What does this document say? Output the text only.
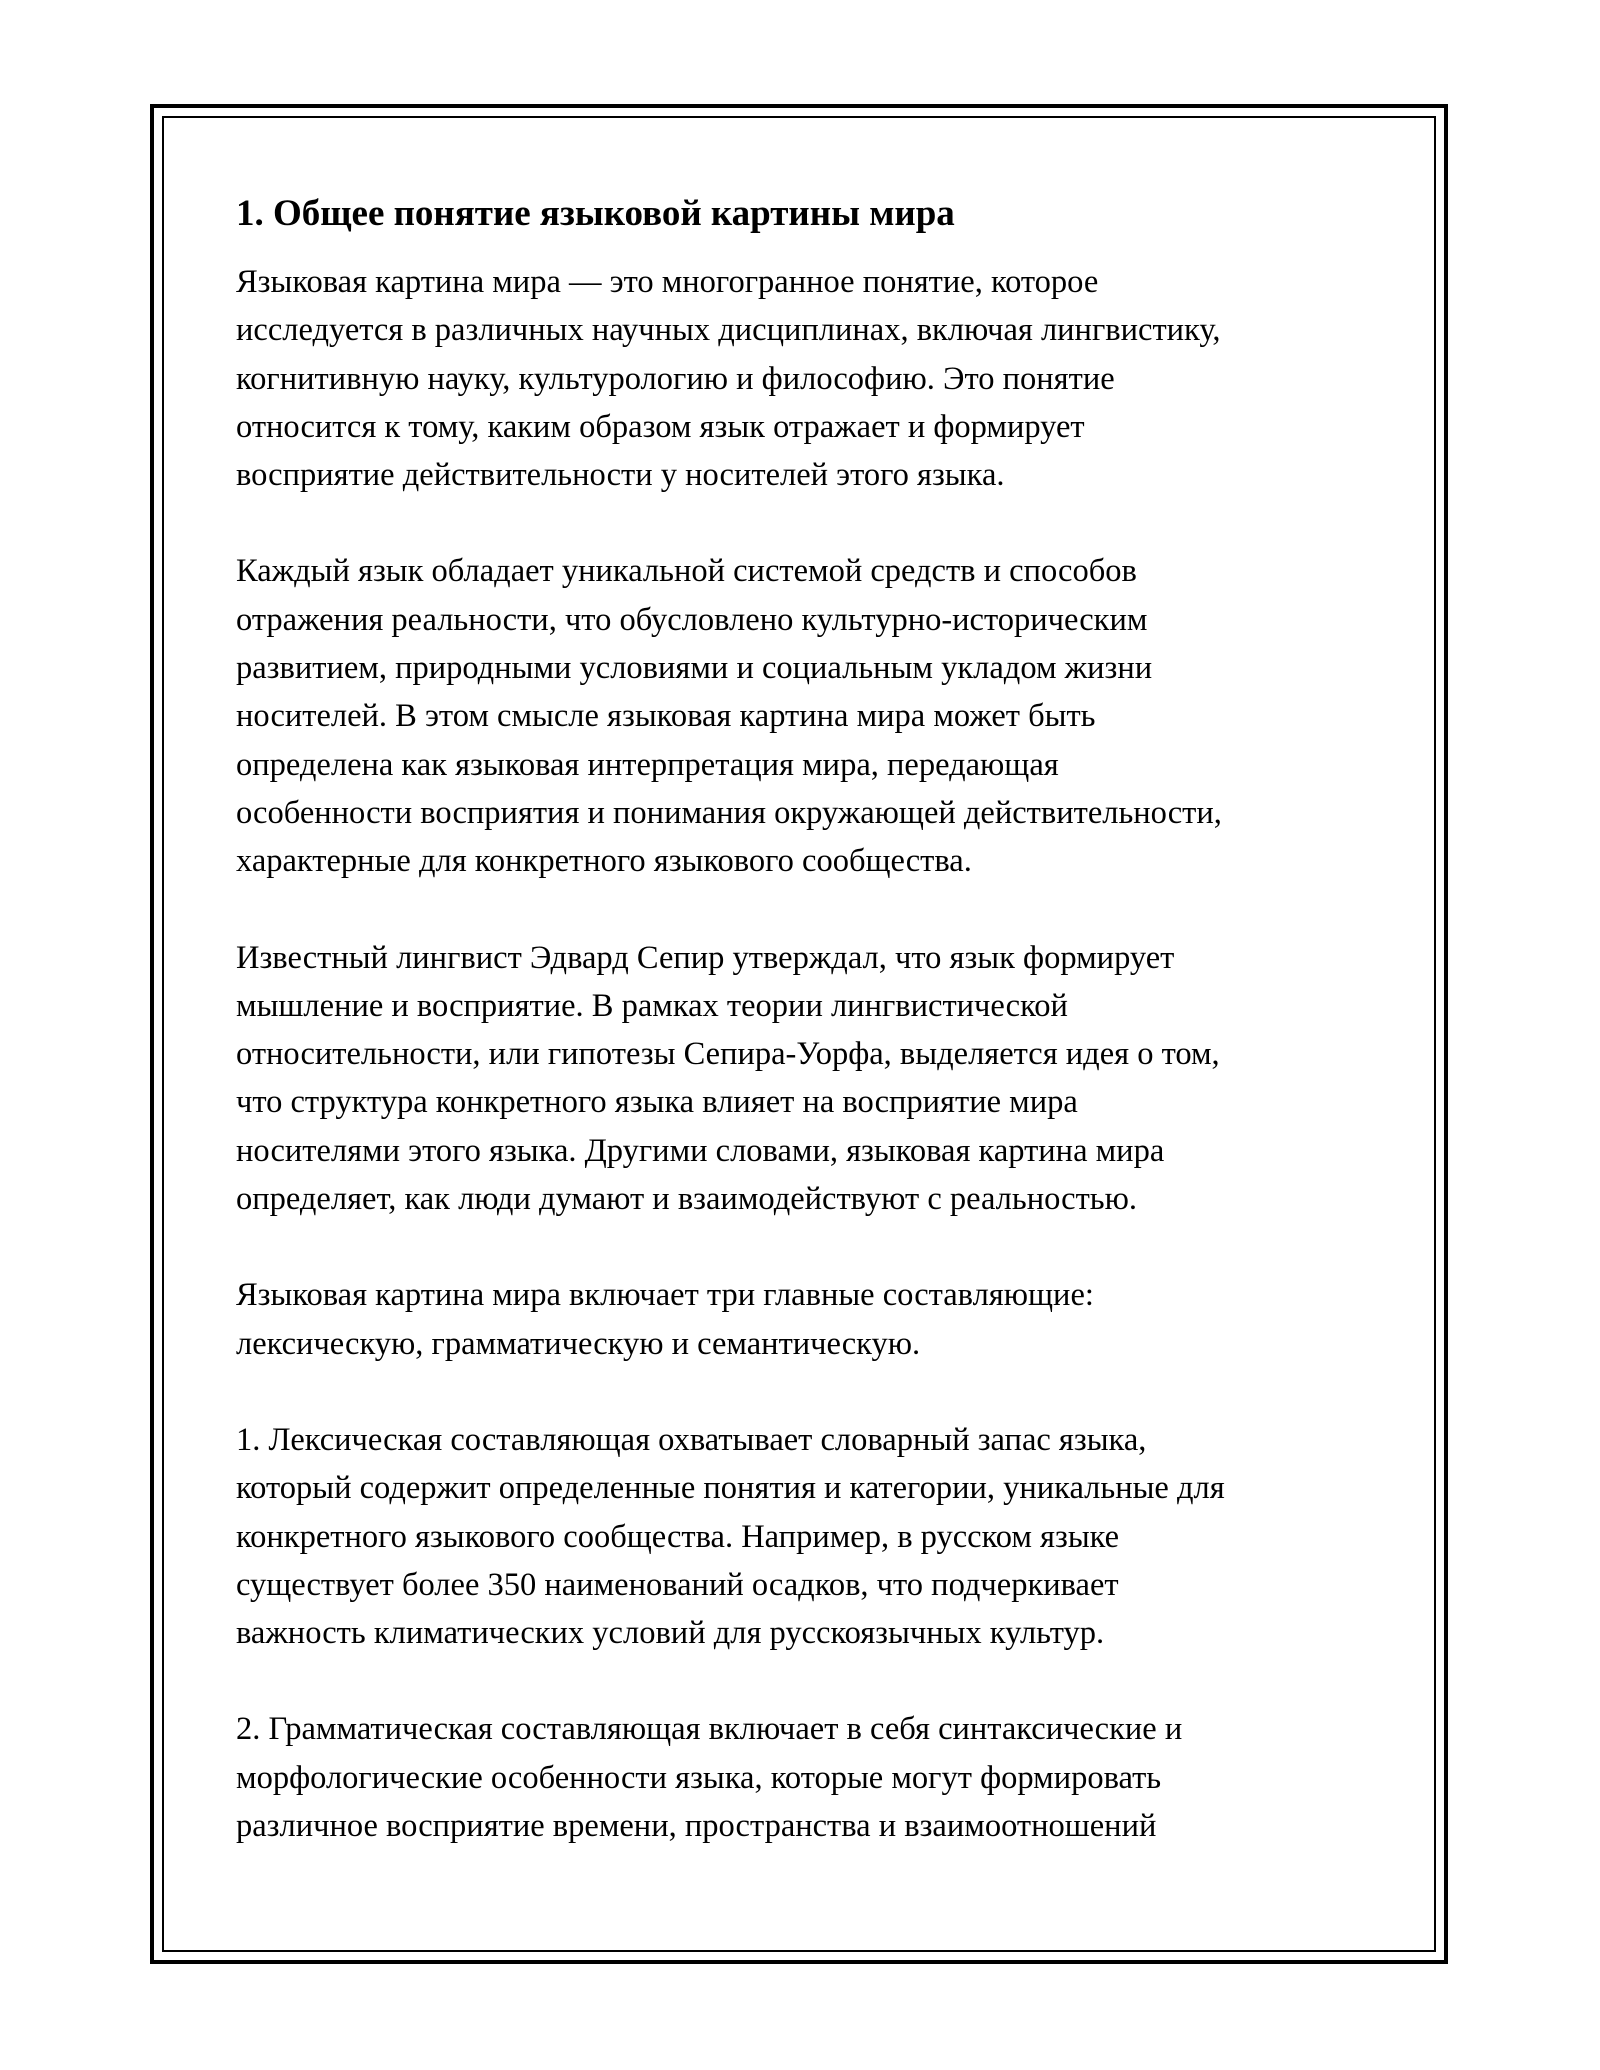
1. Общее понятие языковой картины мира

Языковая картина мира — это многогранное понятие, которое
исследуется в различных научных дисциплинах, включая лингвистику,
когнитивную науку, культурологию и философию. Это понятие
относится к тому, каким образом язык отражает и формирует
восприятие действительности у носителей этого языка.

Каждый язык обладает уникальной системой средств и способов
отражения реальности, что обусловлено культурно-историческим
развитием, природными условиями и социальным укладом жизни
носителей. В этом смысле языковая картина мира может быть
определена как языковая интерпретация мира, передающая
особенности восприятия и понимания окружающей действительности,
характерные для конкретного языкового сообщества.

Известный лингвист Эдвард Сепир утверждал, что язык формирует
мышление и восприятие. В рамках теории лингвистической
относительности, или гипотезы Сепира-Уорфа, выделяется идея о том,
что структура конкретного языка влияет на восприятие мира
носителями этого языка. Другими словами, языковая картина мира
определяет, как люди думают и взаимодействуют с реальностью.

Языковая картина мира включает три главные составляющие:
лексическую, грамматическую и семантическую.

1. Лексическая составляющая охватывает словарный запас языка,
который содержит определенные понятия и категории, уникальные для
конкретного языкового сообщества. Например, в русском языке
существует более 350 наименований осадков, что подчеркивает
важность климатических условий для русскоязычных культур.

2. Грамматическая составляющая включает в себя синтаксические и
морфологические особенности языка, которые могут формировать
различное восприятие времени, пространства и взаимоотношений
